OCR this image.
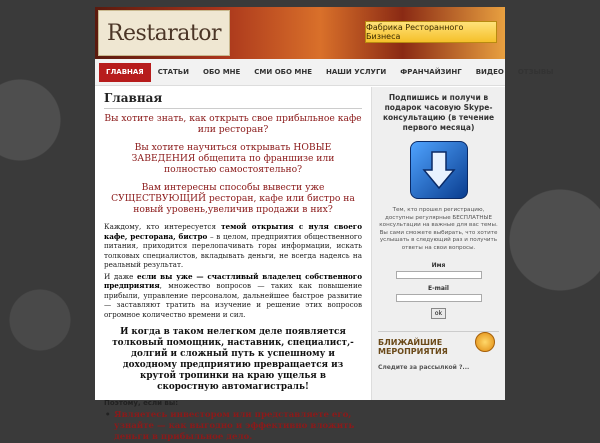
Restarator	Фабрика Ресторанного Бизнеса
ГЛАВНАЯ	СТАТЬИ	ОБО МНЕ	СМИ ОБО МНЕ	НАШИ УСЛУГИ	ФРАНЧАЙЗИНГ	ВИДЕО	ОТЗЫВЫ
Главная
Вы хотите знать, как открыть свое прибыльное кафе или ресторан?
Вы хотите научиться открывать НОВЫЕ ЗАВЕДЕНИЯ общепита по франшизе или полностью самостоятельно?
Вам интересны способы вывести уже СУЩЕСТВУЮЩИЙ ресторан, кафе или бистро на новый уровень,увеличив продажи в них?

Каждому, кто интересуется темой открытия с нуля своего кафе, ресторана, бистро – в целом, предприятия общественного питания, приходится перелопачивать горы информации, искать толковых специалистов, вкладывать деньги, не всегда надеясь на реальный результат.

И даже если вы уже — счастливый владелец собственного предприятия, множество вопросов — таких как повышение прибыли, управление персоналом, дальнейшее быстрое развитие — заставляют тратить на изучение и решение этих вопросов огромное количество времени и сил.

И когда в таком нелегком деле появляется толковый помощник, наставник, специалист,- долгий и сложный путь к успешному и доходному предприятию превращается из крутой тропинки на краю ущелья в скоростную автомагистраль!
Поэтому, если вы:
• Являетесь инвестором или представляете его, узнайте — как выгодно и эффективно вложить деньги в прибыльное дело.
Подпишись и получи в подарок часовую Skype-консультацию (в течение первого месяца)
Тем, кто прошел регистрацию, доступны регулярные БЕСПЛАТНЫЕ консультации на важные для вас темы. Вы сами сможете выбирать, что хотите услышать в следующий раз и получить ответы на свои вопросы.
Имя
E-mail
ok
БЛИЖАЙШИЕ МЕРОПРИЯТИЯ
Следите за рассылкой ?...
